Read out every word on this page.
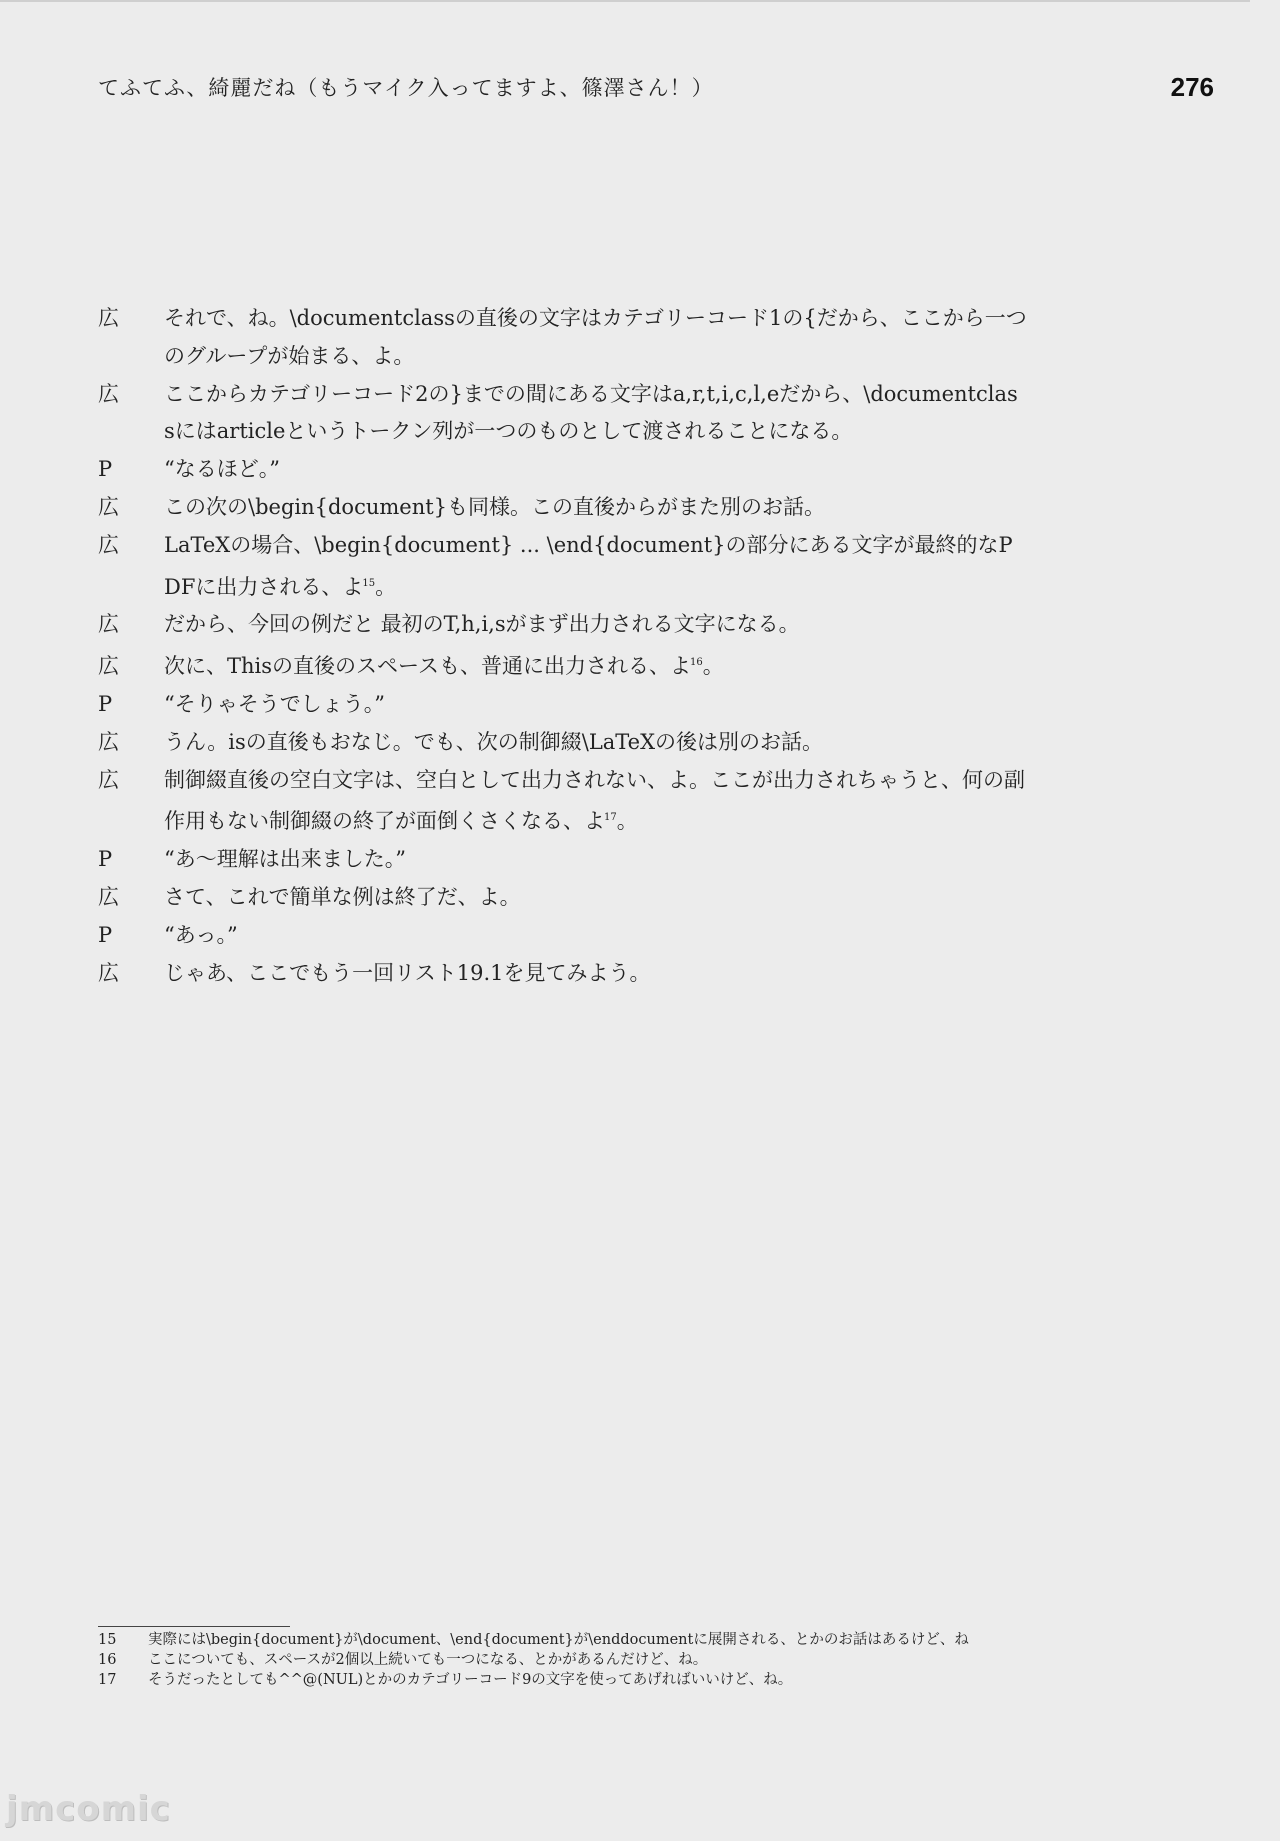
てふてふ、綺麗だね（もうマイク入ってますよ、篠澤さん！）	276
広 それで、ね。\documentclassの直後の文字はカテゴリーコード1の{だから、ここから一つのグループが始まる、よ。
広 ここからカテゴリーコード2の}までの間にある文字はa,r,t,i,c,l,eだから、\documentclassにはarticleというトークン列が一つのものとして渡されることになる。
P “なるほど。”
広 この次の\begin{document}も同様。この直後からがまた別のお話。
広 LaTeXの場合、\begin{document} ... \end{document}の部分にある文字が最終的なPDFに出力される、よ$^{15}$。
広 だから、今回の例だと 最初のT,h,i,sがまず出力される文字になる。
広 次に、Thisの直後のスペースも、普通に出力される、よ$^{16}$。
P “そりゃそうでしょう。”
広 うん。isの直後もおなじ。でも、次の制御綴\LaTeXの後は別のお話。
広 制御綴直後の空白文字は、空白として出力されない、よ。ここが出力されちゃうと、何の副作用もない制御綴の終了が面倒くさくなる、よ$^{17}$。
P “あ～理解は出来ました。”
広 さて、これで簡単な例は終了だ、よ。
P “あっ。”
広 じゃあ、ここでもう一回リスト19.1を見てみよう。
15 実際には\begin{document}が\document、\end{document}が\enddocumentに展開される、とかのお話はあるけど、ね
16 ここについても、スペースが2個以上続いても一つになる、とかがあるんだけど、ね。
17 そうだったとしても^^@(NUL)とかのカテゴリーコード9の文字を使ってあげればいいけど、ね。
jmcomic
